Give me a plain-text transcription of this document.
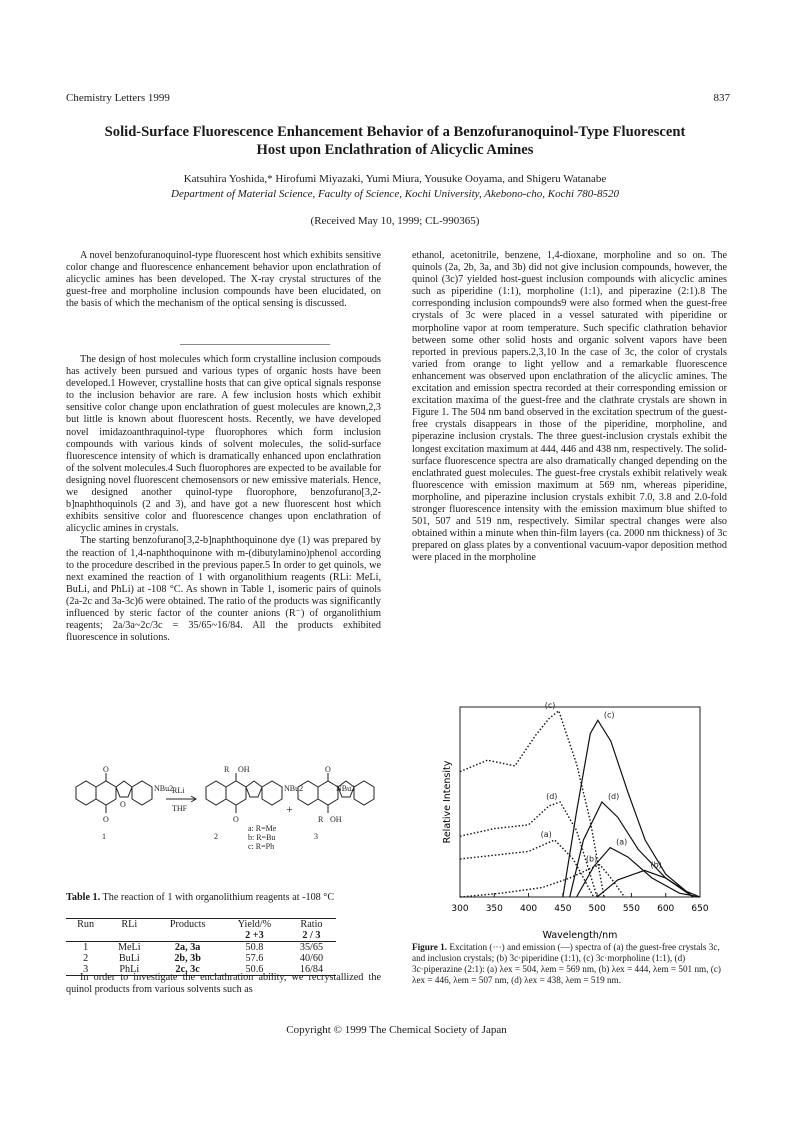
Chemistry Letters 1999	837
Solid-Surface Fluorescence Enhancement Behavior of a Benzofuranoquinol-Type Fluorescent Host upon Enclathration of Alicyclic Amines
Katsuhira Yoshida,* Hirofumi Miyazaki, Yumi Miura, Yousuke Ooyama, and Shigeru Watanabe
Department of Material Science, Faculty of Science, Kochi University, Akebono-cho, Kochi 780-8520
(Received May 10, 1999; CL-990365)

A novel benzofuranoquinol-type fluorescent host which exhibits sensitive color change and fluorescence enhancement behavior upon enclathration of alicyclic amines has been developed. The X-ray crystal structures of the guest-free and morpholine inclusion compounds have been elucidated, on the basis of which the mechanism of the optical sensing is discussed.

The design of host molecules which form crystalline inclusion compouds has actively been pursued and various types of organic hosts have been developed.1 However, crystalline hosts that can give optical signals response to the inclusion behavior are rare. A few inclusion hosts which exhibit sensitive color change upon enclathration of guest molecules are known,2,3 but little is known about fluorescent hosts. Recently, we have developed novel imidazoanthraquinol-type fluorophores which form inclusion compounds with various kinds of solvent molecules, the solid-surface fluorescence intensity of which is dramatically enhanced upon enclathration of the solvent molecules.4 Such fluorophores are expected to be available for designing novel fluorescent chemosensors or new emissive materials. Hence, we designed another quinol-type fluorophore, benzofurano[3,2-b]naphthoquinols (2 and 3), and have got a new fluorescent host which exhibits sensitive color and fluorescence changes upon enclathration of alicyclic amines in crystals.

The starting benzofurano[3,2-b]naphthoquinone dye (1) was prepared by the reaction of 1,4-naphthoquinone with m-(dibutylamino)phenol according to the procedure described in the previous paper.5 In order to get quinols, we next examined the reaction of 1 with organolithium reagents (RLi: MeLi, BuLi, and PhLi) at -108 °C. As shown in Table 1, isomeric pairs of quinols (2a-2c and 3a-3c)6 were obtained. The ratio of the products was significantly influenced by steric factor of the counter anions (R⁻) of organolithium reagents; 2a/3a~2c/3c = 35/65~16/84. All the products exhibited fluorescence in solutions.

O
O
O
NBu2
RLi
THF
R OH
O
NBu2
+
O
R OH
NBu2
1	2	3
a: R=Me
b: R=Bu
c: R=Ph
Table 1. The reaction of 1 with organolithium reagents at -108 °C
Run	RLi	Products	Yield/%	Ratio
			2 +3	2 / 3
1	MeLi	2a, 3a	50.8	35/65
2	BuLi	2b, 3b	57.6	40/60
3	PhLi	2c, 3c	50.6	16/84

In order to investigate the enclathration ability, we recrystallized the quinol products from various solvents such as

ethanol, acetonitrile, benzene, 1,4-dioxane, morpholine and so on. The quinols (2a, 2b, 3a, and 3b) did not give inclusion compounds, however, the quinol (3c)7 yielded host-guest inclusion compounds with alicyclic amines such as piperidine (1:1), morpholine (1:1), and piperazine (2:1).8 The corresponding inclusion compounds9 were also formed when the guest-free crystals of 3c were placed in a vessel saturated with piperidine or morpholine vapor at room temperature. Such specific clathration behavior between some other solid hosts and organic solvent vapors have been reported in previous papers.2,3,10 In the case of 3c, the color of crystals varied from orange to light yellow and a remarkable fluorescence enhancement was observed upon enclathration of the alicyclic amines. The excitation and emission spectra recorded at their corresponding emission or excitation maxima of the guest-free and the clathrate crystals are shown in Figure 1. The 504 nm band observed in the excitation spectrum of the guest-free crystals disappears in those of the piperidine, morpholine, and piperazine inclusion crystals. The three guest-inclusion crystals exhibit the longest excitation maximum at 444, 446 and 438 nm, respectively. The solid-surface fluorescence spectra are also dramatically changed depending on the enclathrated guest molecules. The guest-free crystals exhibit relatively weak fluorescence with emission maximum at 569 nm, whereas piperidine, morpholine, and piperazine inclusion crystals exhibit 7.0, 3.8 and 2.0-fold stronger fluorescence intensity with the emission maximum blue shifted to 501, 507 and 519 nm, respectively. Similar spectral changes were also obtained within a minute when thin-film layers (ca. 2000 nm thickness) of 3c prepared on glass plates by a conventional vacuum-vapor deposition method were placed in the morpholine

300 350 400 450 500 550 600 650
(b)
(b)
(c)
(c)
(d)	(d)
(a)
(a)
Relative Intensity
Wavelength/nm
Figure 1. Excitation (···) and emission (—) spectra of (a) the guest-free crystals 3c, and inclusion crystals; (b) 3c·piperidine (1:1), (c) 3c·morpholine (1:1), (d) 3c·piperazine (2:1): (a) λex = 504, λem = 569 nm, (b) λex = 444, λem = 501 nm, (c) λex = 446, λem = 507 nm, (d) λex = 438, λem = 519 nm.
Copyright © 1999 The Chemical Society of Japan
